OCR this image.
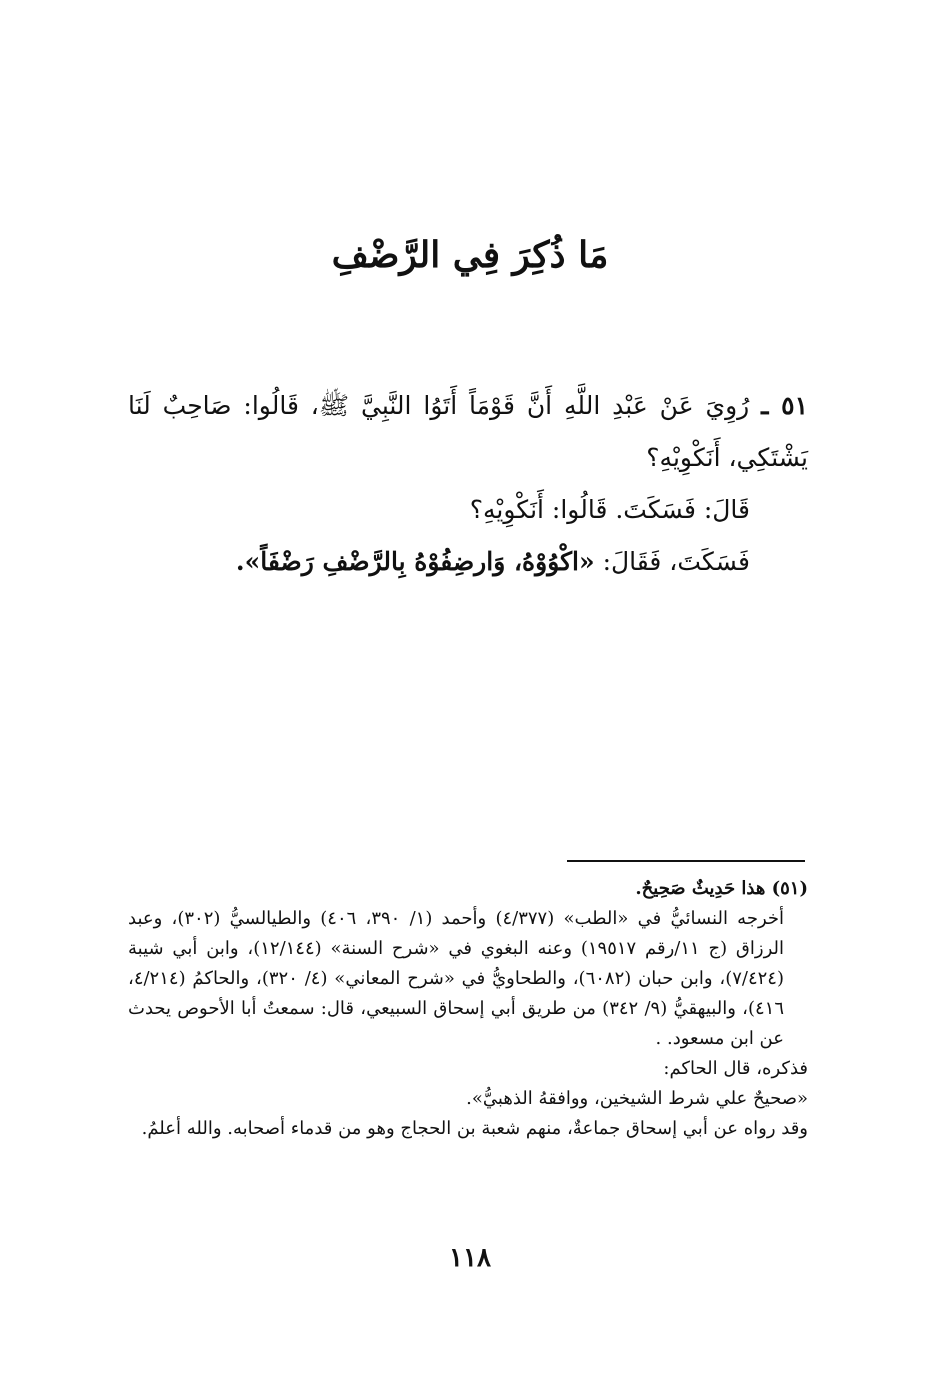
مَا ذُكِرَ فِي الرَّضْفِ

٥١ ـ رُوِيَ عَنْ عَبْدِ اللَّهِ أَنَّ قَوْمَاً أَتَوُا النَّبِيَّ ﷺ، قَالُوا: صَاحِبٌ لَنَا يَشْتَكِي، أَنَكْوِيْهِ؟

قَالَ: فَسَكَتَ. قَالُوا: أَنَكْوِيْهِ؟

فَسَكَتَ، فَقَالَ: «اكْوُوْهُ، وَارضِفُوْهُ بِالرَّضْفِ رَضْفَاً».

(٥١) هذا حَدِيثٌ صَحِيحٌ.

أخرجه النسائيُّ في «الطب» (٤/٣٧٧) وأحمد (١/ ٣٩٠، ٤٠٦) والطيالسيُّ (٣٠٢)، وعبد الرزاق (ج ١١/رقم ١٩٥١٧) وعنه البغوي في «شرح السنة» (١٢/١٤٤)، وابن أبي شيبة (٧/٤٢٤)، وابن حبان (٦٠٨٢)، والطحاويُّ في «شرح المعاني» (٤/ ٣٢٠)، والحاكمُ (٤/٢١٤، ٤١٦)، والبيهقيُّ (٩/ ٣٤٢) من طريق أبي إسحاق السبيعي، قال: سمعتُ أبا الأحوص يحدث عن ابن مسعود. .

فذكره، قال الحاكم:

«صحيحٌ علي شرط الشيخين، ووافقهُ الذهبيُّ».

وقد رواه عن أبي إسحاق جماعةٌ، منهم شعبة بن الحجاج وهو من قدماء أصحابه. والله أعلمُ.

١١٨
